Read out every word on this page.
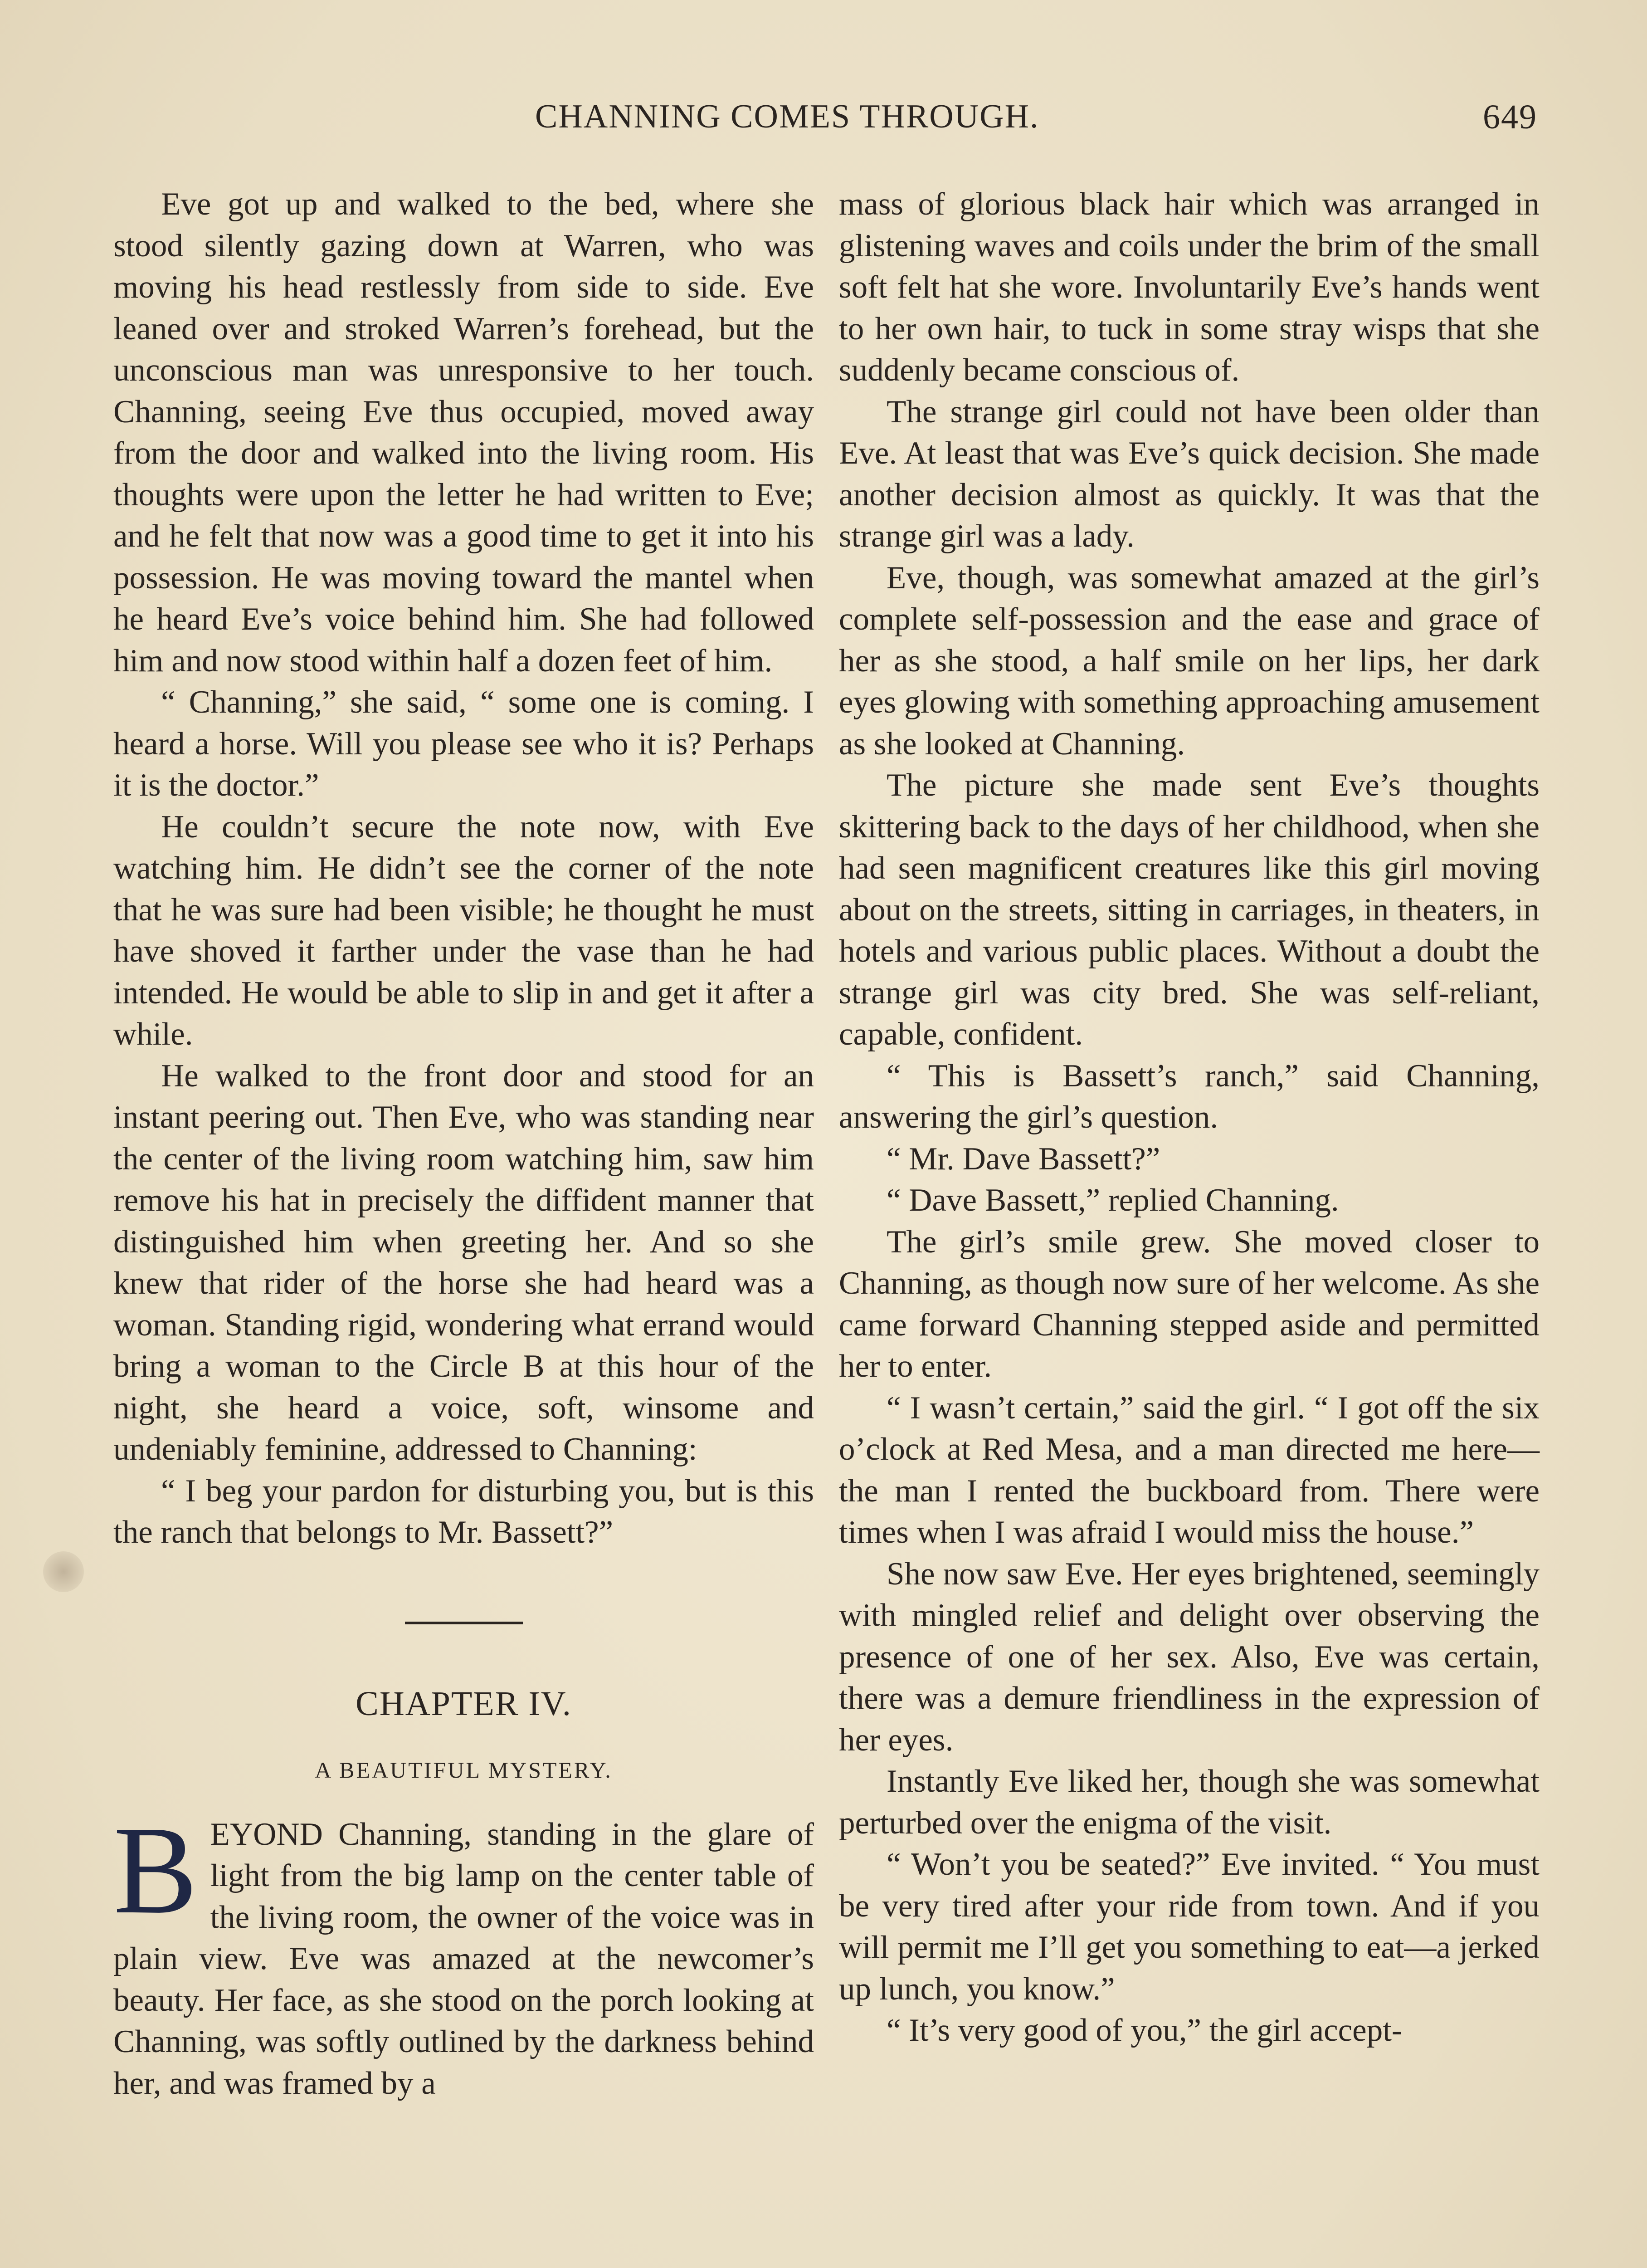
CHANNING COMES THROUGH.	649

Eve got up and walked to the bed, where she stood silently gazing down at Warren, who was moving his head restlessly from side to side. Eve leaned over and stroked Warren’s forehead, but the unconscious man was unresponsive to her touch. Channing, seeing Eve thus occupied, moved away from the door and walked into the living room. His thoughts were upon the letter he had written to Eve; and he felt that now was a good time to get it into his possession. He was moving toward the mantel when he heard Eve’s voice behind him. She had followed him and now stood within half a dozen feet of him.

“ Channing,” she said, “ some one is coming. I heard a horse. Will you please see who it is? Perhaps it is the doctor.”

He couldn’t secure the note now, with Eve watching him. He didn’t see the corner of the note that he was sure had been visible; he thought he must have shoved it farther under the vase than he had intended. He would be able to slip in and get it after a while.

He walked to the front door and stood for an instant peering out. Then Eve, who was standing near the center of the living room watching him, saw him remove his hat in precisely the diffident manner that distinguished him when greeting her. And so she knew that rider of the horse she had heard was a woman. Standing rigid, wondering what errand would bring a woman to the Circle B at this hour of the night, she heard a voice, soft, winsome and undeniably feminine, addressed to Channing:

“ I beg your pardon for disturbing you, but is this the ranch that belongs to Mr. Bassett?”

CHAPTER IV.
A BEAUTIFUL MYSTERY.

BEYOND Channing, standing in the glare of light from the big lamp on the center table of the living room, the owner of the voice was in plain view. Eve was amazed at the newcomer’s beauty. Her face, as she stood on the porch looking at Channing, was softly outlined by the darkness behind her, and was framed by a

mass of glorious black hair which was arranged in glistening waves and coils under the brim of the small soft felt hat she wore. Involuntarily Eve’s hands went to her own hair, to tuck in some stray wisps that she suddenly became conscious of.

The strange girl could not have been older than Eve. At least that was Eve’s quick decision. She made another decision almost as quickly. It was that the strange girl was a lady.

Eve, though, was somewhat amazed at the girl’s complete self-possession and the ease and grace of her as she stood, a half smile on her lips, her dark eyes glowing with something approaching amusement as she looked at Channing.

The picture she made sent Eve’s thoughts skittering back to the days of her childhood, when she had seen magnificent creatures like this girl moving about on the streets, sitting in carriages, in theaters, in hotels and various public places. Without a doubt the strange girl was city bred. She was self-reliant, capable, confident.

“ This is Bassett’s ranch,” said Channing, answering the girl’s question.

“ Mr. Dave Bassett?”

“ Dave Bassett,” replied Channing.

The girl’s smile grew. She moved closer to Channing, as though now sure of her welcome. As she came forward Channing stepped aside and permitted her to enter.

“ I wasn’t certain,” said the girl. “ I got off the six o’clock at Red Mesa, and a man directed me here—the man I rented the buckboard from. There were times when I was afraid I would miss the house.”

She now saw Eve. Her eyes brightened, seemingly with mingled relief and delight over observing the presence of one of her sex. Also, Eve was certain, there was a demure friendliness in the expression of her eyes.

Instantly Eve liked her, though she was somewhat perturbed over the enigma of the visit.

“ Won’t you be seated?” Eve invited. “ You must be very tired after your ride from town. And if you will permit me I’ll get you something to eat—a jerked up lunch, you know.”

“ It’s very good of you,” the girl accept-
